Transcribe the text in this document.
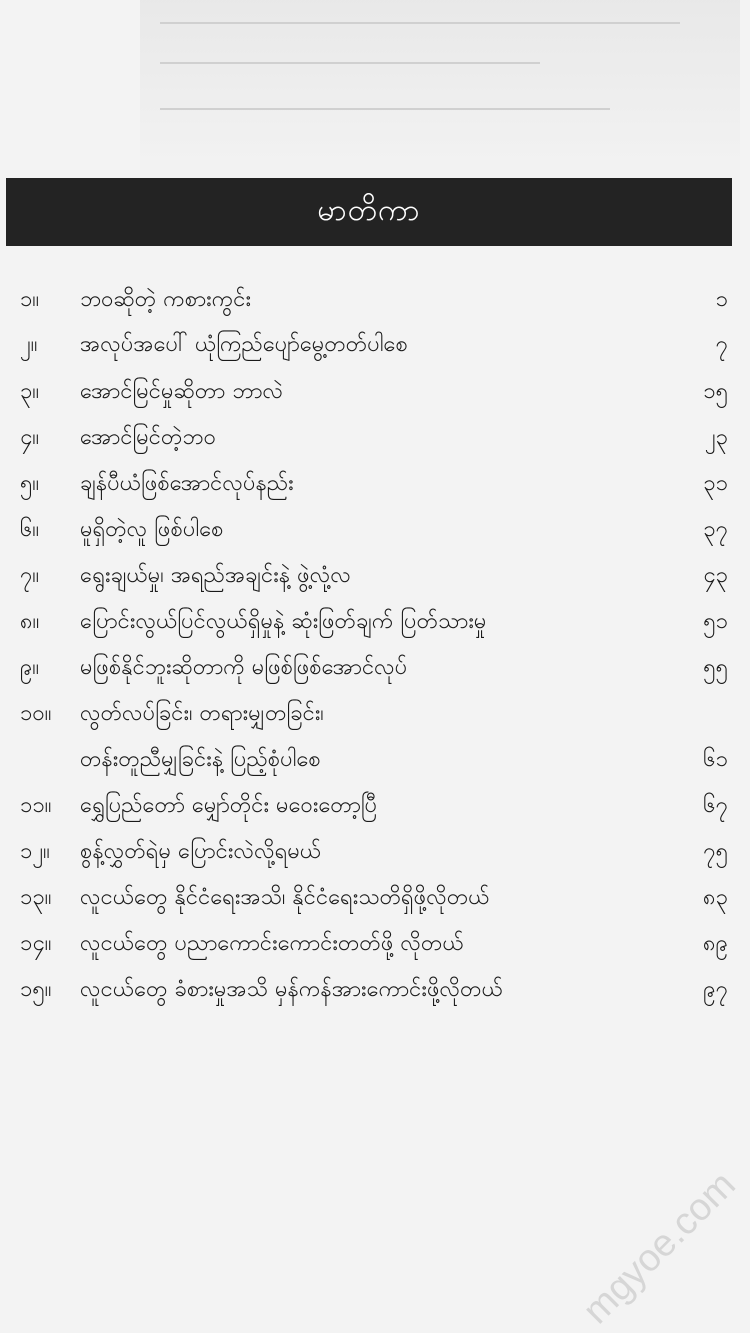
မာတိကာ
၁။	ဘဝဆိုတဲ့ ကစားကွင်း	၁
၂။	အလုပ်အပေါ် ယုံကြည်ပျော်မွေ့တတ်ပါစေ	၇
၃။	အောင်မြင်မှုဆိုတာ ဘာလဲ	၁၅
၄။	အောင်မြင်တဲ့ဘဝ	၂၃
၅။	ချန်ပီယံဖြစ်အောင်လုပ်နည်း	၃၁
၆။	မူရှိတဲ့လူ ဖြစ်ပါစေ	၃၇
၇။	ရွေးချယ်မှု၊ အရည်အချင်းနဲ့ ဖွဲ့လုံ့လ	၄၃
၈။	ပြောင်းလွယ်ပြင်လွယ်ရှိမှုနဲ့ ဆုံးဖြတ်ချက် ပြတ်သားမှု	၅၁
၉။	မဖြစ်နိုင်ဘူးဆိုတာကို မဖြစ်ဖြစ်အောင်လုပ်	၅၅
၁၀။	လွတ်လပ်ခြင်း၊ တရားမျှတခြင်း၊
တန်းတူညီမျှခြင်းနဲ့ ပြည့်စုံပါစေ	၆၁
၁၁။	ရွှေပြည်တော် မျှော်တိုင်း မဝေးတော့ပြီ	၆၇
၁၂။	စွန့်လွှတ်ရဲမှ ပြောင်းလဲလို့ရမယ်	၇၅
၁၃။	လူငယ်တွေ နိုင်ငံရေးအသိ၊ နိုင်ငံရေးသတိရှိဖို့လိုတယ်	၈၃
၁၄။	လူငယ်တွေ ပညာကောင်းကောင်းတတ်ဖို့ လိုတယ်	၈၉
၁၅။	လူငယ်တွေ ခံစားမှုအသိ မှန်ကန်အားကောင်းဖို့လိုတယ်	၉၇
mgyoe.com
